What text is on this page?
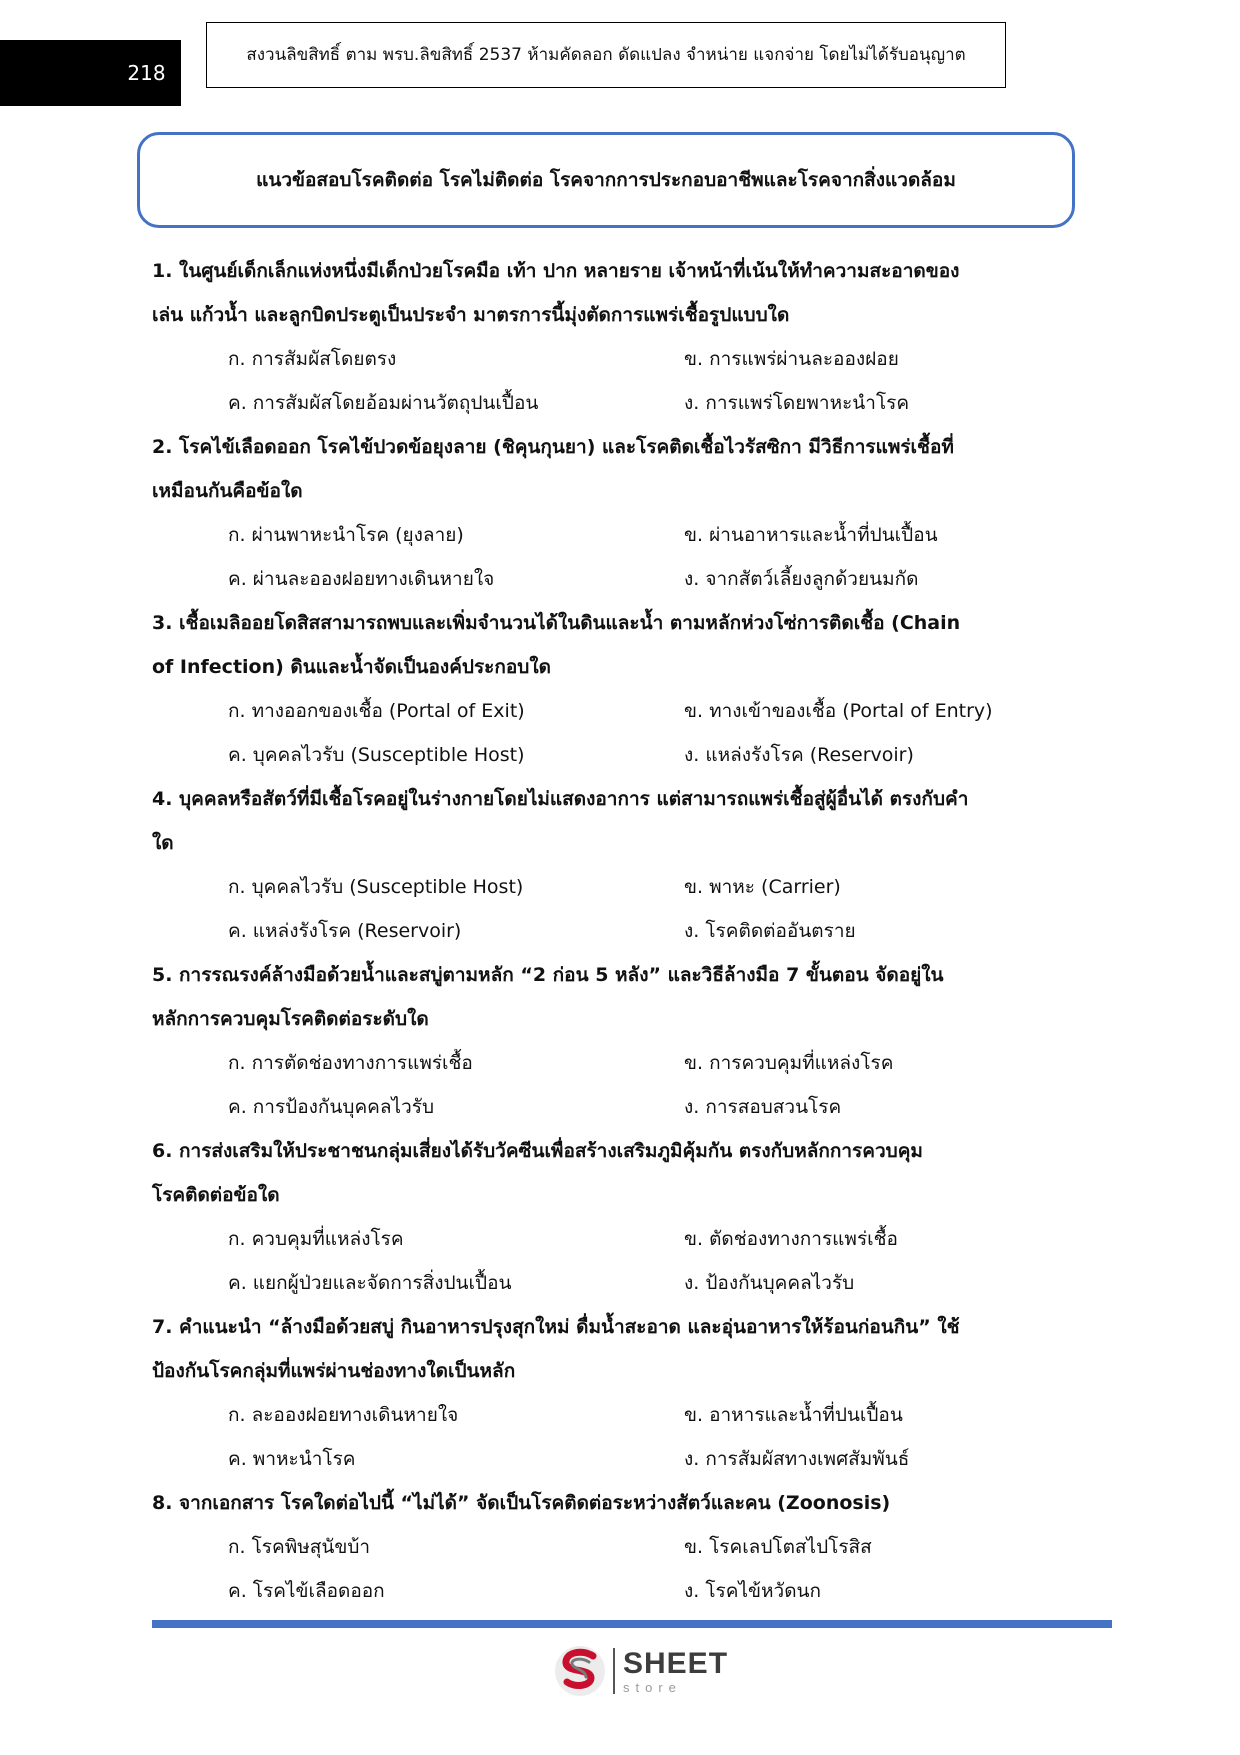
218
สงวนลิขสิทธิ์ ตาม พรบ.ลิขสิทธิ์ 2537 ห้ามคัดลอก ดัดแปลง จำหน่าย แจกจ่าย โดยไม่ได้รับอนุญาต
แนวข้อสอบโรคติดต่อ โรคไม่ติดต่อ โรคจากการประกอบอาชีพและโรคจากสิ่งแวดล้อม

1. ในศูนย์เด็กเล็กแห่งหนึ่งมีเด็กป่วยโรคมือ เท้า ปาก หลายราย เจ้าหน้าที่เน้นให้ทำความสะอาดของ

เล่น แก้วน้ำ และลูกบิดประตูเป็นประจำ มาตรการนี้มุ่งตัดการแพร่เชื้อรูปแบบใด

ก. การสัมผัสโดยตรง	ข. การแพร่ผ่านละอองฝอย
ค. การสัมผัสโดยอ้อมผ่านวัตถุปนเปื้อน	ง. การแพร่โดยพาหะนำโรค

2. โรคไข้เลือดออก โรคไข้ปวดข้อยุงลาย (ชิคุนกุนยา) และโรคติดเชื้อไวรัสซิกา มีวิธีการแพร่เชื้อที่

เหมือนกันคือข้อใด

ก. ผ่านพาหะนำโรค (ยุงลาย)	ข. ผ่านอาหารและน้ำที่ปนเปื้อน
ค. ผ่านละอองฝอยทางเดินหายใจ	ง. จากสัตว์เลี้ยงลูกด้วยนมกัด

3. เชื้อเมลิออยโดสิสสามารถพบและเพิ่มจำนวนได้ในดินและน้ำ ตามหลักห่วงโซ่การติดเชื้อ (Chain

of Infection) ดินและน้ำจัดเป็นองค์ประกอบใด

ก. ทางออกของเชื้อ (Portal of Exit)	ข. ทางเข้าของเชื้อ (Portal of Entry)
ค. บุคคลไวรับ (Susceptible Host)	ง. แหล่งรังโรค (Reservoir)

4. บุคคลหรือสัตว์ที่มีเชื้อโรคอยู่ในร่างกายโดยไม่แสดงอาการ แต่สามารถแพร่เชื้อสู่ผู้อื่นได้ ตรงกับคำ

ใด

ก. บุคคลไวรับ (Susceptible Host)	ข. พาหะ (Carrier)
ค. แหล่งรังโรค (Reservoir)	ง. โรคติดต่ออันตราย

5. การรณรงค์ล้างมือด้วยน้ำและสบู่ตามหลัก “2 ก่อน 5 หลัง” และวิธีล้างมือ 7 ขั้นตอน จัดอยู่ใน

หลักการควบคุมโรคติดต่อระดับใด

ก. การตัดช่องทางการแพร่เชื้อ	ข. การควบคุมที่แหล่งโรค
ค. การป้องกันบุคคลไวรับ	ง. การสอบสวนโรค

6. การส่งเสริมให้ประชาชนกลุ่มเสี่ยงได้รับวัคซีนเพื่อสร้างเสริมภูมิคุ้มกัน ตรงกับหลักการควบคุม

โรคติดต่อข้อใด

ก. ควบคุมที่แหล่งโรค	ข. ตัดช่องทางการแพร่เชื้อ
ค. แยกผู้ป่วยและจัดการสิ่งปนเปื้อน	ง. ป้องกันบุคคลไวรับ

7. คำแนะนำ “ล้างมือด้วยสบู่ กินอาหารปรุงสุกใหม่ ดื่มน้ำสะอาด และอุ่นอาหารให้ร้อนก่อนกิน” ใช้

ป้องกันโรคกลุ่มที่แพร่ผ่านช่องทางใดเป็นหลัก

ก. ละอองฝอยทางเดินหายใจ	ข. อาหารและน้ำที่ปนเปื้อน
ค. พาหะนำโรค	ง. การสัมผัสทางเพศสัมพันธ์

8. จากเอกสาร โรคใดต่อไปนี้ “ไม่ได้” จัดเป็นโรคติดต่อระหว่างสัตว์และคน (Zoonosis)

ก. โรคพิษสุนัขบ้า	ข. โรคเลปโตสไปโรสิส
ค. โรคไข้เลือดออก	ง. โรคไข้หวัดนก
SHEET
store
